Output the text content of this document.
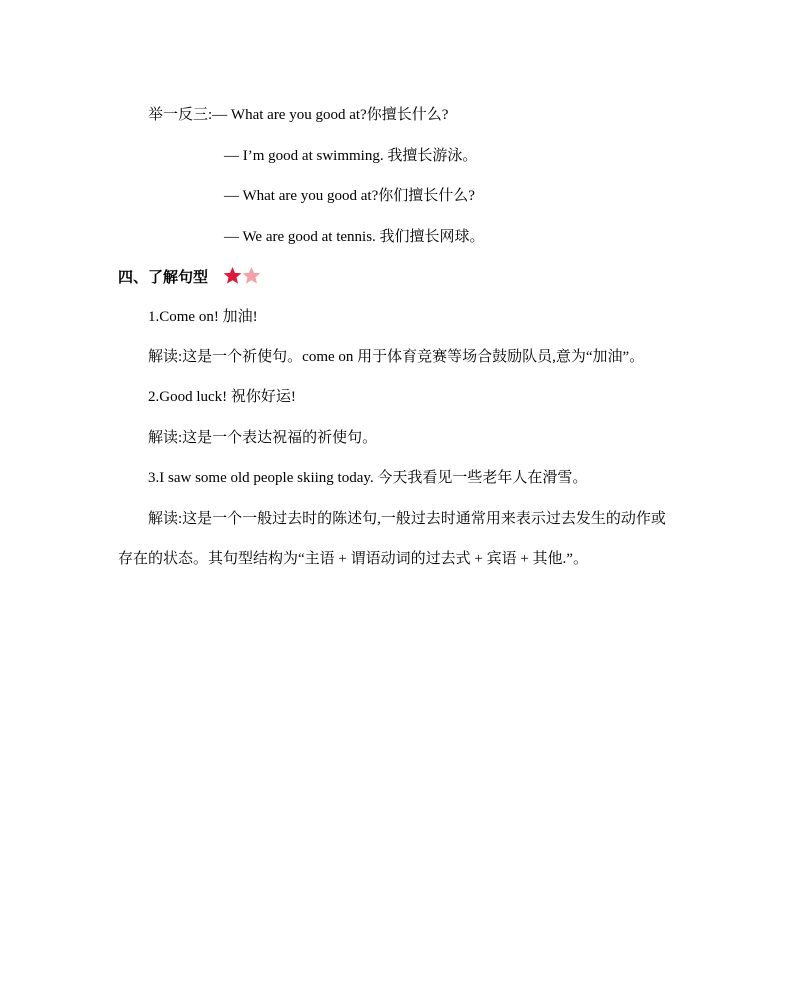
举一反三:— What are you good at?你擅长什么?
— I’m good at swimming. 我擅长游泳。
— What are you good at?你们擅长什么?
— We are good at tennis. 我们擅长网球。
四、了解句型
1.Come on! 加油!
解读:这是一个祈使句。come on 用于体育竞赛等场合鼓励队员,意为“加油”。
2.Good luck! 祝你好运!
解读:这是一个表达祝福的祈使句。
3.I saw some old people skiing today. 今天我看见一些老年人在滑雪。
解读:这是一个一般过去时的陈述句,一般过去时通常用来表示过去发生的动作或
存在的状态。其句型结构为“主语 + 谓语动词的过去式 + 宾语 + 其他.”。
